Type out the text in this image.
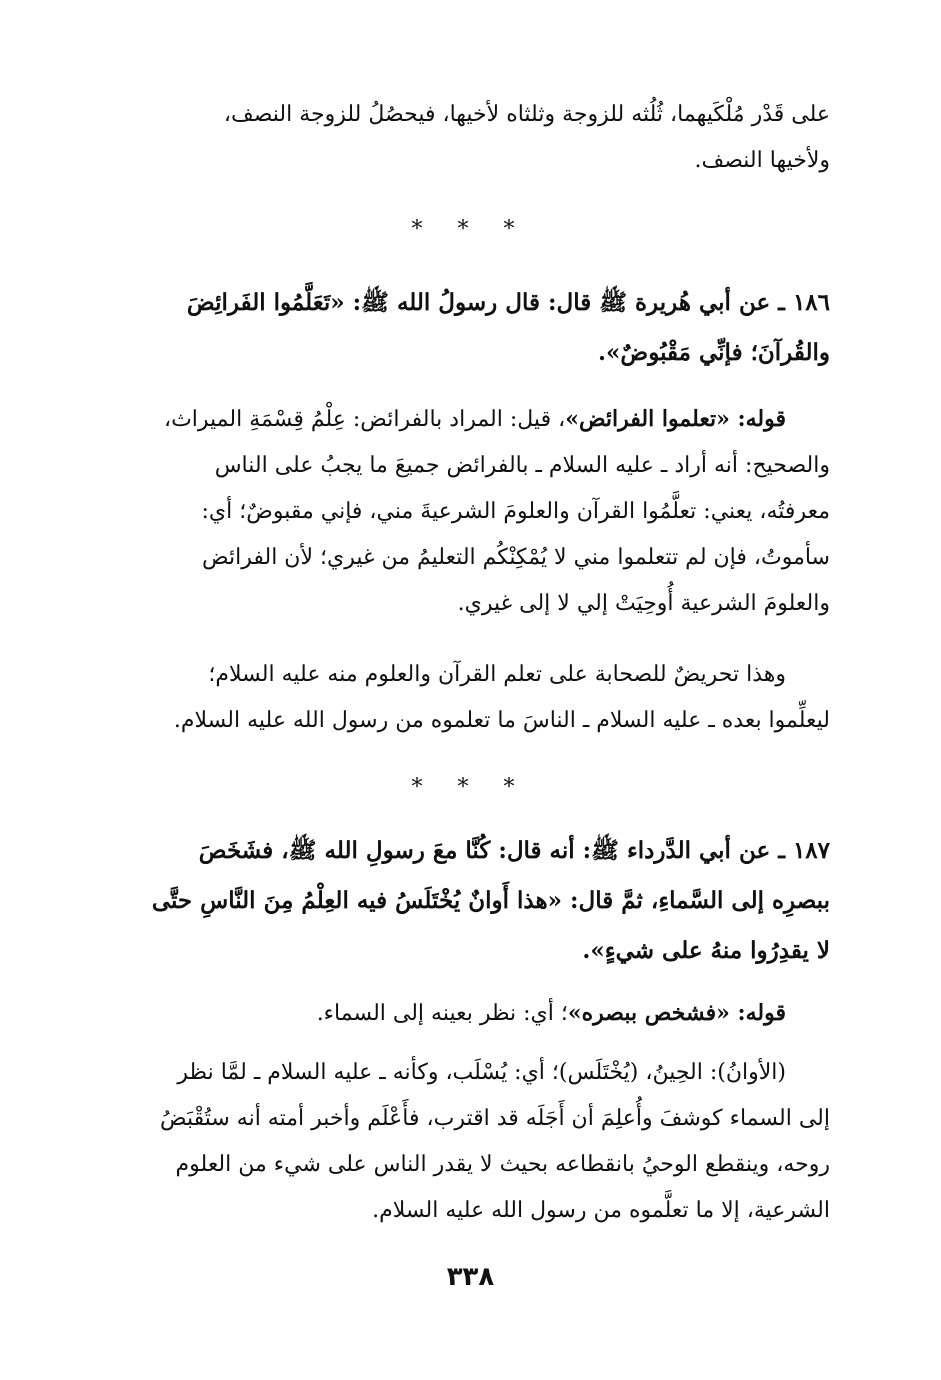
على قَدْر مُلْكَيهما، ثُلُثه للزوجة وثلثاه لأخيها، فيحصُلُ للزوجة النصف،

ولأخيها النصف.

* * *

١٨٦ ـ عن أبي هُريرة ﷺ قال: قال رسولُ الله ﷺ: «تَعَلَّمُوا الفَرائِضَ

والقُرآنَ؛ فإنِّي مَقْبُوضٌ».

قوله: «تعلموا الفرائض»، قيل: المراد بالفرائض: عِلْمُ قِسْمَةِ الميراث،

والصحيح: أنه أراد ـ عليه السلام ـ بالفرائض جميعَ ما يجبُ على الناس

معرفتُه، يعني: تعلَّمُوا القرآن والعلومَ الشرعيةَ مني، فإني مقبوضٌ؛ أي:

سأموتُ، فإن لم تتعلموا مني لا يُمْكِنْكُم التعليمُ من غيري؛ لأن الفرائض

والعلومَ الشرعية أُوحِيَتْ إلي لا إلى غيري.

وهذا تحريضٌ للصحابة على تعلم القرآن والعلوم منه عليه السلام؛

ليعلِّموا بعده ـ عليه السلام ـ الناسَ ما تعلموه من رسول الله عليه السلام.

* * *

١٨٧ ـ عن أبي الدَّرداء ﷺ: أنه قال: كُنَّا معَ رسولِ الله ﷺ، فشَخَصَ

ببصرِه إلى السَّماءِ، ثمَّ قال: «هذا أَوانٌ يُخْتَلَسُ فيه العِلْمُ مِنَ النَّاسِ حتَّى

لا يقدِرُوا منهُ على شيءٍ».

قوله: «فشخص ببصره»؛ أي: نظر بعينه إلى السماء.

(الأوانُ): الحِينُ، (يُخْتَلَس)؛ أي: يُسْلَب، وكأنه ـ عليه السلام ـ لمَّا نظر

إلى السماء كوشفَ وأُعلِمَ أن أَجَلَه قد اقترب، فأَعْلَم وأخبر أمته أنه ستُقْبَضُ

روحه، وينقطع الوحيُ بانقطاعه بحيث لا يقدر الناس على شيء من العلوم

الشرعية، إلا ما تعلَّموه من رسول الله عليه السلام.

٣٣٨
